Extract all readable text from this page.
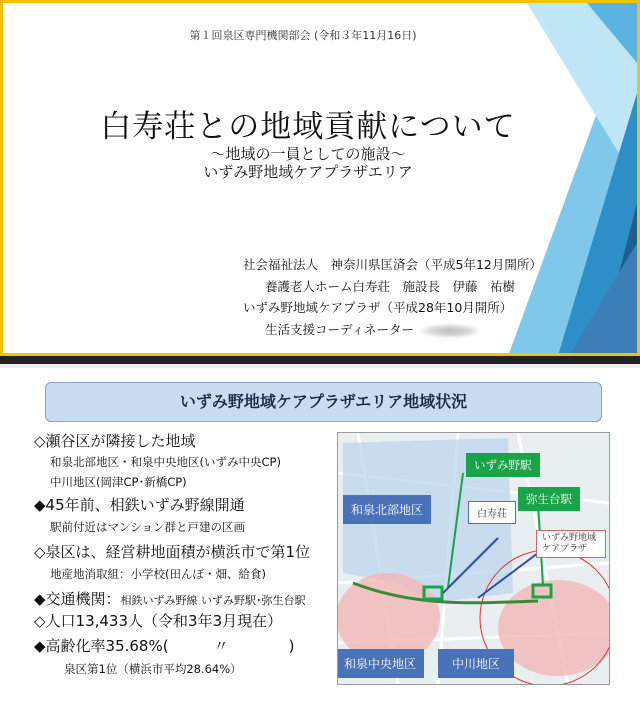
第１回泉区専門機関部会 (令和３年11月16日)
白寿荘との地域貢献について
〜地域の一員としての施設〜
いずみ野地域ケアプラザエリア
社会福祉法人　神奈川県匡済会（平成5年12月開所）
養護老人ホーム白寿荘　施設長　伊藤　祐樹
いずみ野地域ケアプラザ（平成28年10月開所）
生活支援コーディネーター
いずみ野地域ケアプラザエリア地域状況
◇瀬谷区が隣接した地域
和泉北部地区・和泉中央地区(いずみ中央CP)
中川地区(岡津CP･新橋CP)
◆45年前、相鉄いずみ野線開通
駅前付近はマンション群と戸建の区画
◇泉区は、経営耕地面積が横浜市で第1位
地産地消取組：小学校(田んぼ・畑、給食)
◆交通機関：相鉄いずみ野線 いずみ野駅･弥生台駅
◇人口13,433人（令和3年3月現在）
◆高齢化率35.68%(　　　〃　　　　)
泉区第1位（横浜市平均28.64%）
いずみ野駅
弥生台駅
和泉北部地区	白寿荘
いずみ野地域ケアプラザ
和泉中央地区	中川地区
